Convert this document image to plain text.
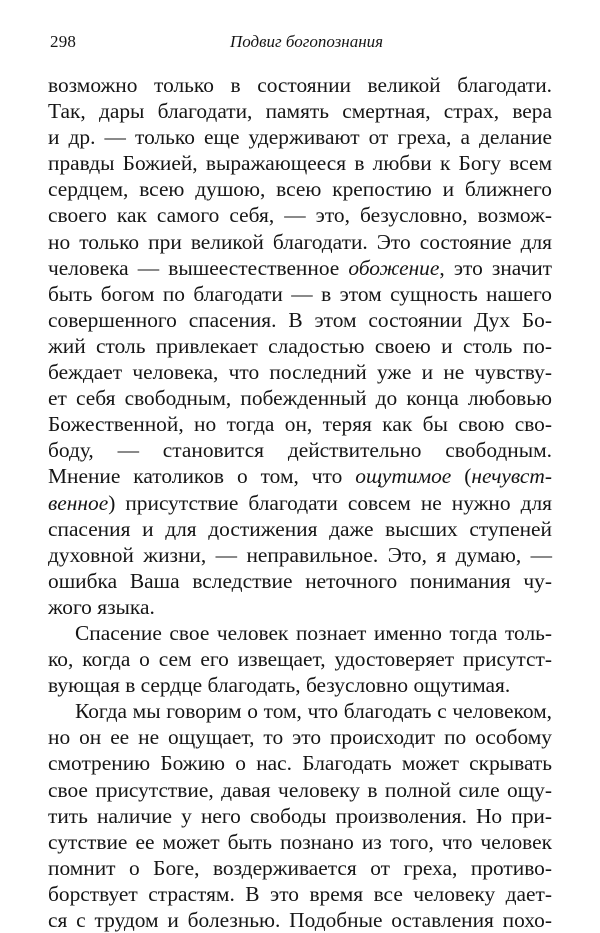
298	Подвиг богопознания
возможно только в состоянии великой благодати.
Так, дары благодати, память смертная, страх, вера
и др. — только еще удерживают от греха, а делание
правды Божией, выражающееся в любви к Богу всем
сердцем, всею душою, всею крепостию и ближнего
своего как самого себя, — это, безусловно, возмож-
но только при великой благодати. Это состояние для
человека — вышеестественное обожение, это значит
быть богом по благодати — в этом сущность нашего
совершенного спасения. В этом состоянии Дух Бо-
жий столь привлекает сладостью своею и столь по-
беждает человека, что последний уже и не чувству-
ет себя свободным, побежденный до конца любовью
Божественной, но тогда он, теряя как бы свою сво-
боду, — становится действительно свободным.
Мнение католиков о том, что ощутимое (нечувст-
венное) присутствие благодати совсем не нужно для
спасения и для достижения даже высших ступеней
духовной жизни, — неправильное. Это, я думаю, —
ошибка Ваша вследствие неточного понимания чу-
жого языка.
Спасение свое человек познает именно тогда толь-
ко, когда о сем его извещает, удостоверяет присутст-
вующая в сердце благодать, безусловно ощутимая.
Когда мы говорим о том, что благодать с человеком,
но он ее не ощущает, то это происходит по особому
смотрению Божию о нас. Благодать может скрывать
свое присутствие, давая человеку в полной силе ощу-
тить наличие у него свободы произволения. Но при-
сутствие ее может быть познано из того, что человек
помнит о Боге, воздерживается от греха, противо-
борствует страстям. В это время все человеку дает-
ся с трудом и болезнью. Подобные оставления похо-
